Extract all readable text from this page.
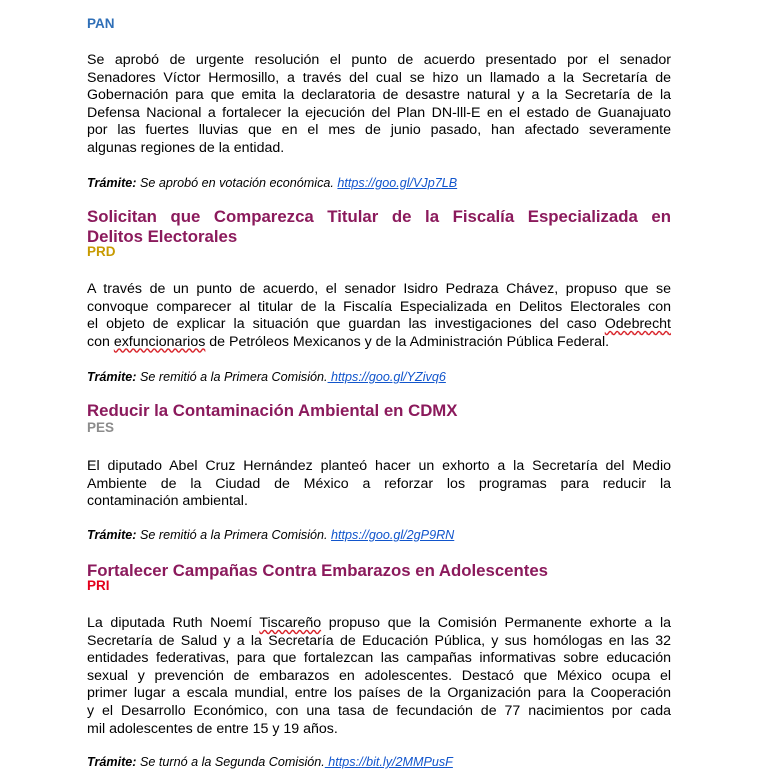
PAN

Se aprobó de urgente resolución el punto de acuerdo presentado por el senador

Senadores Víctor Hermosillo, a través del cual se hizo un llamado a la Secretaría de

Gobernación para que emita la declaratoria de desastre natural y a la Secretaría de la

Defensa Nacional a fortalecer la ejecución del Plan DN-lll-E en el estado de Guanajuato

por las fuertes lluvias que en el mes de junio pasado, han afectado severamente

algunas regiones de la entidad.

Trámite: Se aprobó en votación económica. https://goo.gl/VJp7LB
Solicitan que Comparezca Titular de la Fiscalía Especializada en
Delitos Electorales
PRD

A través de un punto de acuerdo, el senador Isidro Pedraza Chávez, propuso que se

convoque comparecer al titular de la Fiscalía Especializada en Delitos Electorales con

el objeto de explicar la situación que guardan las investigaciones del caso Odebrecht

con exfuncionarios de Petróleos Mexicanos y de la Administración Pública Federal.

Trámite: Se remitió a la Primera Comisión. https://goo.gl/YZivq6
Reducir la Contaminación Ambiental en CDMX
PES

El diputado Abel Cruz Hernández planteó hacer un exhorto a la Secretaría del Medio

Ambiente de la Ciudad de México a reforzar los programas para reducir la

contaminación ambiental.

Trámite: Se remitió a la Primera Comisión. https://goo.gl/2gP9RN
Fortalecer Campañas Contra Embarazos en Adolescentes
PRI

La diputada Ruth Noemí Tiscareño propuso que la Comisión Permanente exhorte a la

Secretaría de Salud y a la Secretaría de Educación Pública, y sus homólogas en las 32

entidades federativas, para que fortalezcan las campañas informativas sobre educación

sexual y prevención de embarazos en adolescentes. Destacó que México ocupa el

primer lugar a escala mundial, entre los países de la Organización para la Cooperación

y el Desarrollo Económico, con una tasa de fecundación de 77 nacimientos por cada

mil adolescentes de entre 15 y 19 años.

Trámite: Se turnó a la Segunda Comisión. https://bit.ly/2MMPusF
